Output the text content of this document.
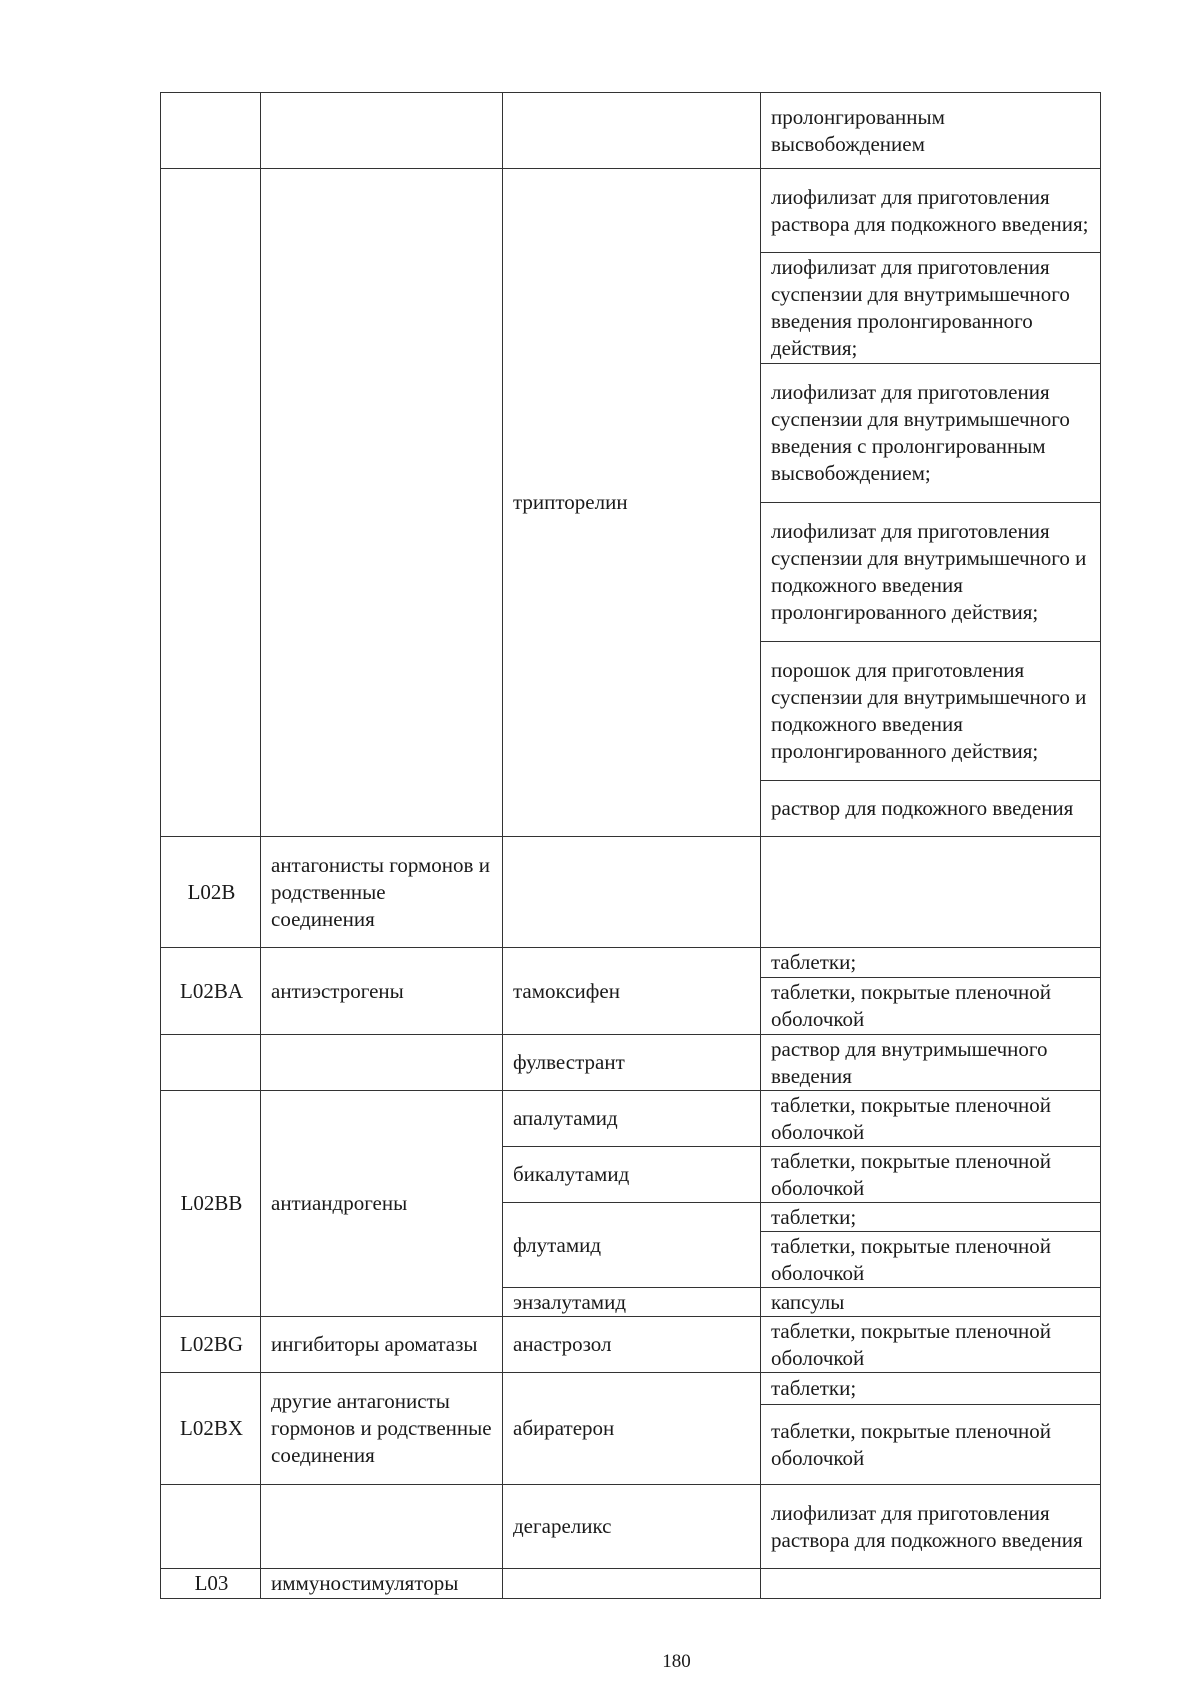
			пролонгированным высвобождением
		трипторелин	лиофилизат для приготовления раствора для подкожного введения;
			лиофилизат для приготовления суспензии для внутримышечного введения пролонгированного действия;
			лиофилизат для приготовления суспензии для внутримышечного введения с пролонгированным высвобождением;
			лиофилизат для приготовления суспензии для внутримышечного и подкожного введения пролонгированного действия;
			порошок для приготовления суспензии для внутримышечного и подкожного введения пролонгированного действия;
			раствор для подкожного введения
L02B	антагонисты гормонов и родственные соединения		
L02BA	антиэстрогены	тамоксифен	таблетки;
			таблетки, покрытые пленочной оболочкой
		фулвестрант	раствор для внутримышечного введения
L02BB	антиандрогены	апалутамид	таблетки, покрытые пленочной оболочкой
		бикалутамид	таблетки, покрытые пленочной оболочкой
		флутамид	таблетки;
			таблетки, покрытые пленочной оболочкой
		энзалутамид	капсулы
L02BG	ингибиторы ароматазы	анастрозол	таблетки, покрытые пленочной оболочкой
L02BX	другие антагонисты гормонов и родственные соединения	абиратерон	таблетки;
			таблетки, покрытые пленочной оболочкой
		дегареликс	лиофилизат для приготовления раствора для подкожного введения
L03	иммуностимуляторы		
180
